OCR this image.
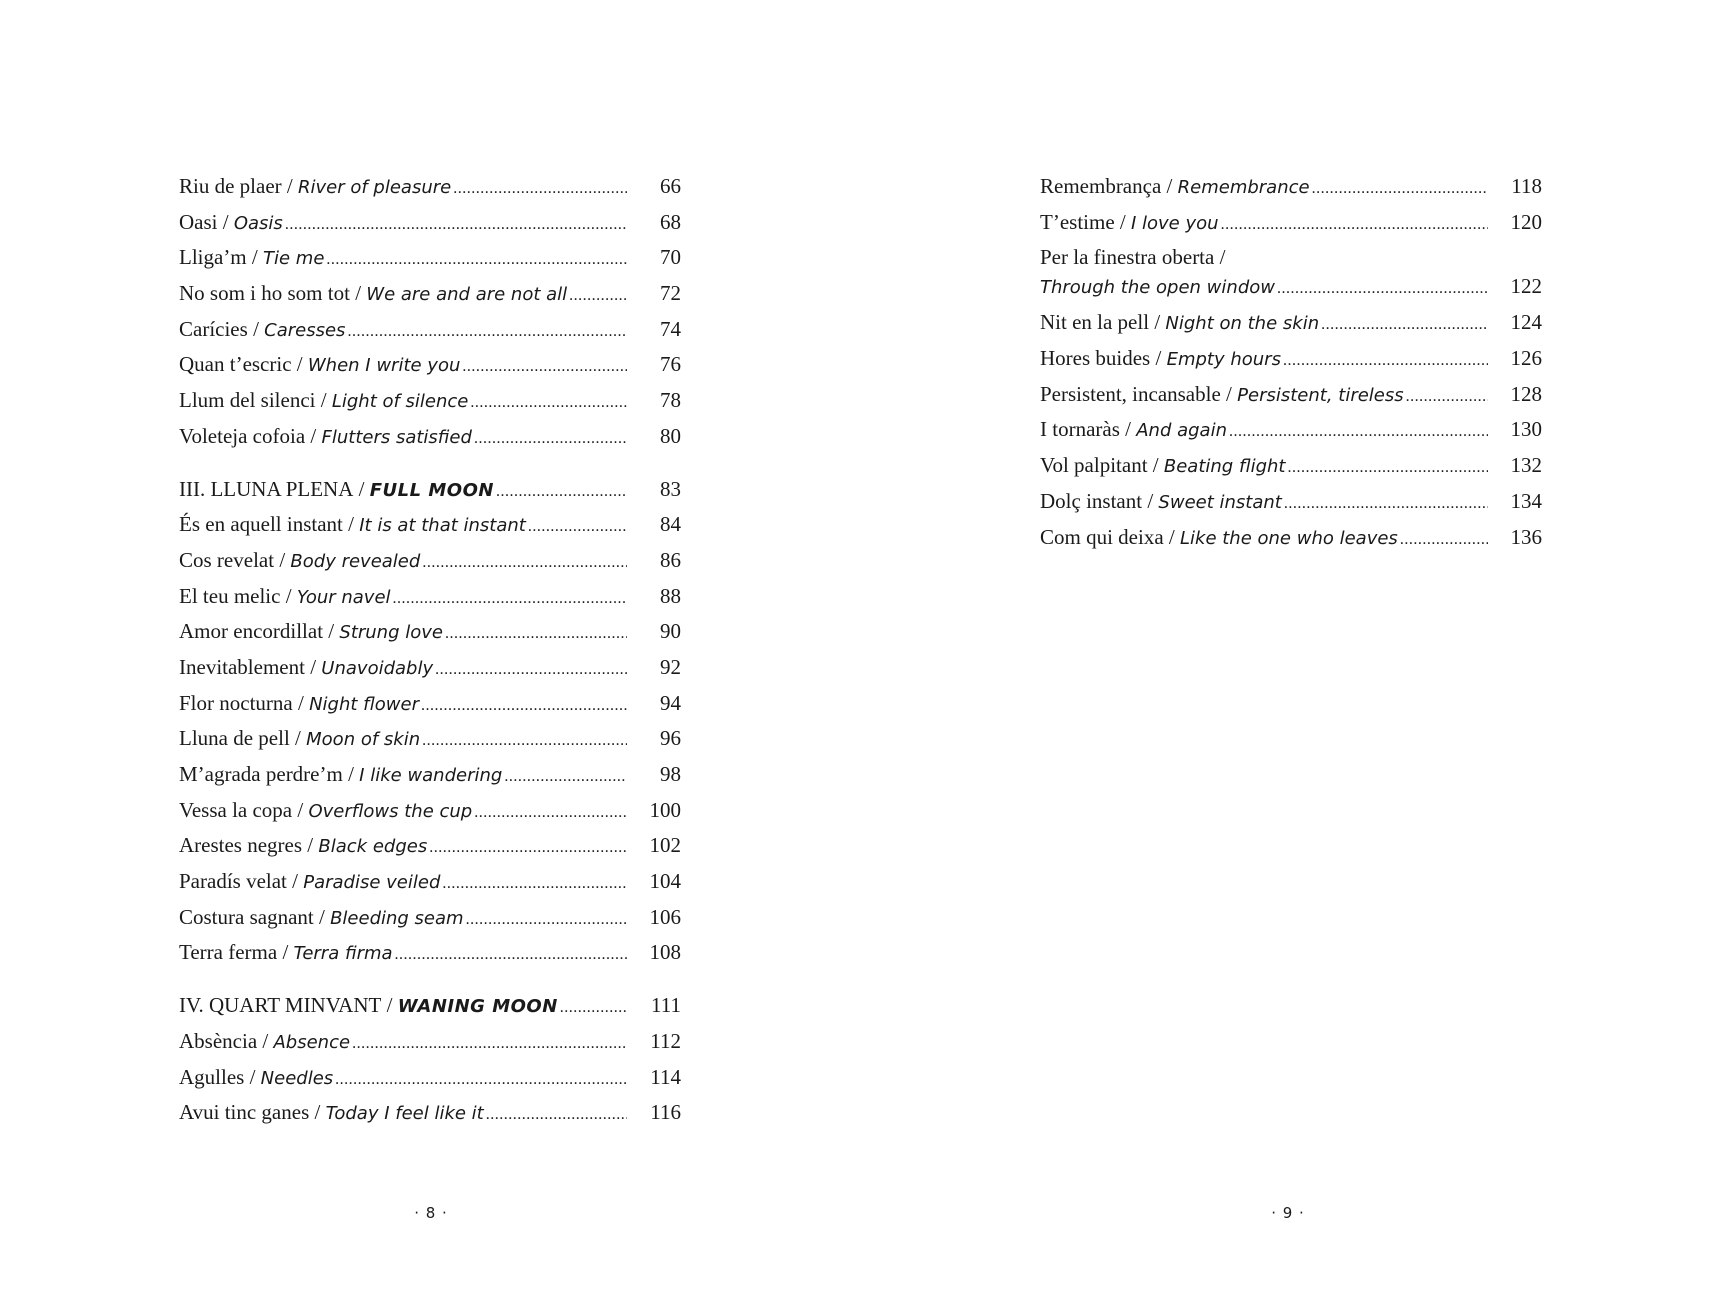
Riu de plaer / River of pleasure .....	66
Oasi / Oasis .....	68
Lliga’m / Tie me .....	70
No som i ho som tot / We are and are not all .....	72
Carícies / Caresses .....	74
Quan t’escric / When I write you .....	76
Llum del silenci / Light of silence .....	78
Voleteja cofoia / Flutters satisfied .....	80
III. LLUNA PLENA / FULL MOON .....	83
És en aquell instant / It is at that instant .....	84
Cos revelat / Body revealed .....	86
El teu melic / Your navel .....	88
Amor encordillat / Strung love .....	90
Inevitablement / Unavoidably .....	92
Flor nocturna / Night flower .....	94
Lluna de pell / Moon of skin .....	96
M’agrada perdre’m / I like wandering .....	98
Vessa la copa / Overflows the cup .....	100
Arestes negres / Black edges .....	102
Paradís velat / Paradise veiled .....	104
Costura sagnant / Bleeding seam .....	106
Terra ferma / Terra firma .....	108
IV. QUART MINVANT / WANING MOON .....	111
Absència / Absence .....	112
Agulles / Needles .....	114
Avui tinc ganes / Today I feel like it .....	116
· 8 ·
Remembrança / Remembrance .....	118
T’estime / I love you .....	120
Per la finestra oberta /
Through the open window .....	122
Nit en la pell / Night on the skin .....	124
Hores buides / Empty hours .....	126
Persistent, incansable / Persistent, tireless .....	128
I tornaràs / And again .....	130
Vol palpitant / Beating flight .....	132
Dolç instant / Sweet instant .....	134
Com qui deixa / Like the one who leaves .....	136
· 9 ·
